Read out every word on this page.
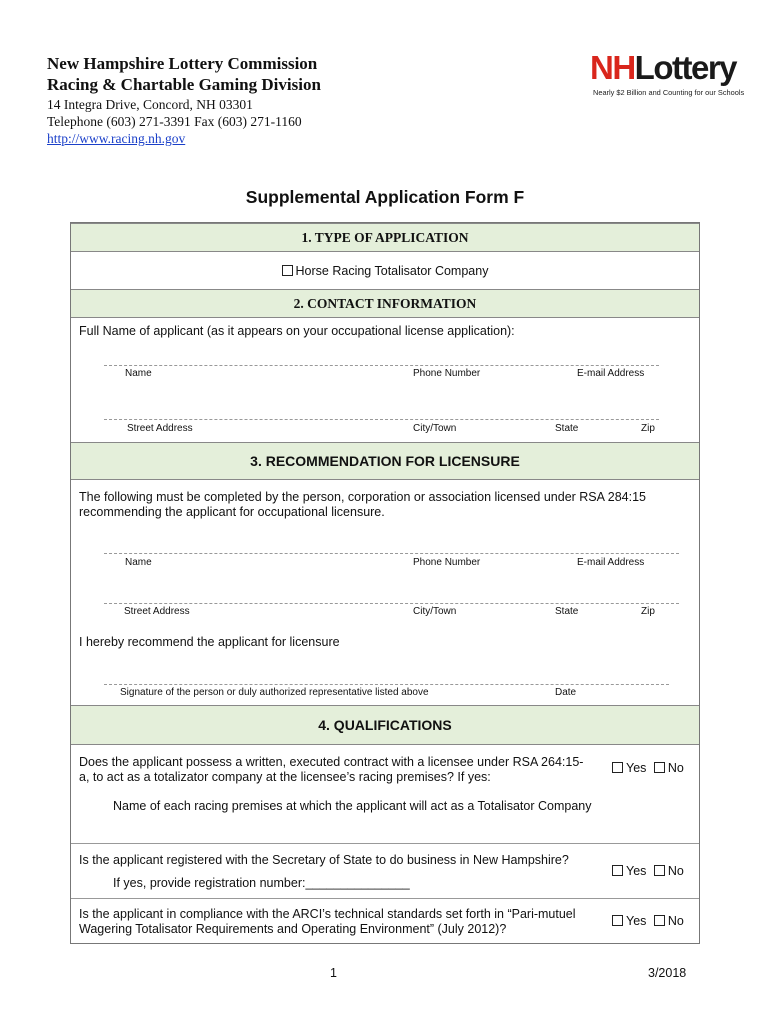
New Hampshire Lottery Commission
Racing & Chartable Gaming Division
14 Integra Drive, Concord, NH 03301
Telephone (603) 271-3391 Fax (603) 271-1160
http://www.racing.nh.gov
NHLottery
Nearly $2 Billion and Counting for our Schools
Supplemental Application Form F
1. TYPE OF APPLICATION
Horse Racing Totalisator Company
2. CONTACT INFORMATION
Full Name of applicant (as it appears on your occupational license application):
Name	Phone Number	E-mail Address
Street Address	City/Town	State	Zip
3. RECOMMENDATION FOR LICENSURE
The following must be completed by the person, corporation or association licensed under RSA 284:15
recommending the applicant for occupational licensure.
Name	Phone Number	E-mail Address
Street Address	City/Town	State	Zip
I hereby recommend the applicant for licensure
Signature of the person or duly authorized representative listed above	Date
4. QUALIFICATIONS
Does the applicant possess a written, executed contract with a licensee under RSA 264:15-
a, to act as a totalizator company at the licensee’s racing premises? If yes:
Yes No
Name of each racing premises at which the applicant will act as a Totalisator Company
Is the applicant registered with the Secretary of State to do business in New Hampshire?
Yes No
If yes, provide registration number:_______________
Is the applicant in compliance with the ARCI’s technical standards set forth in “Pari-mutuel
Wagering Totalisator Requirements and Operating Environment” (July 2012)?
Yes No
1	3/2018
